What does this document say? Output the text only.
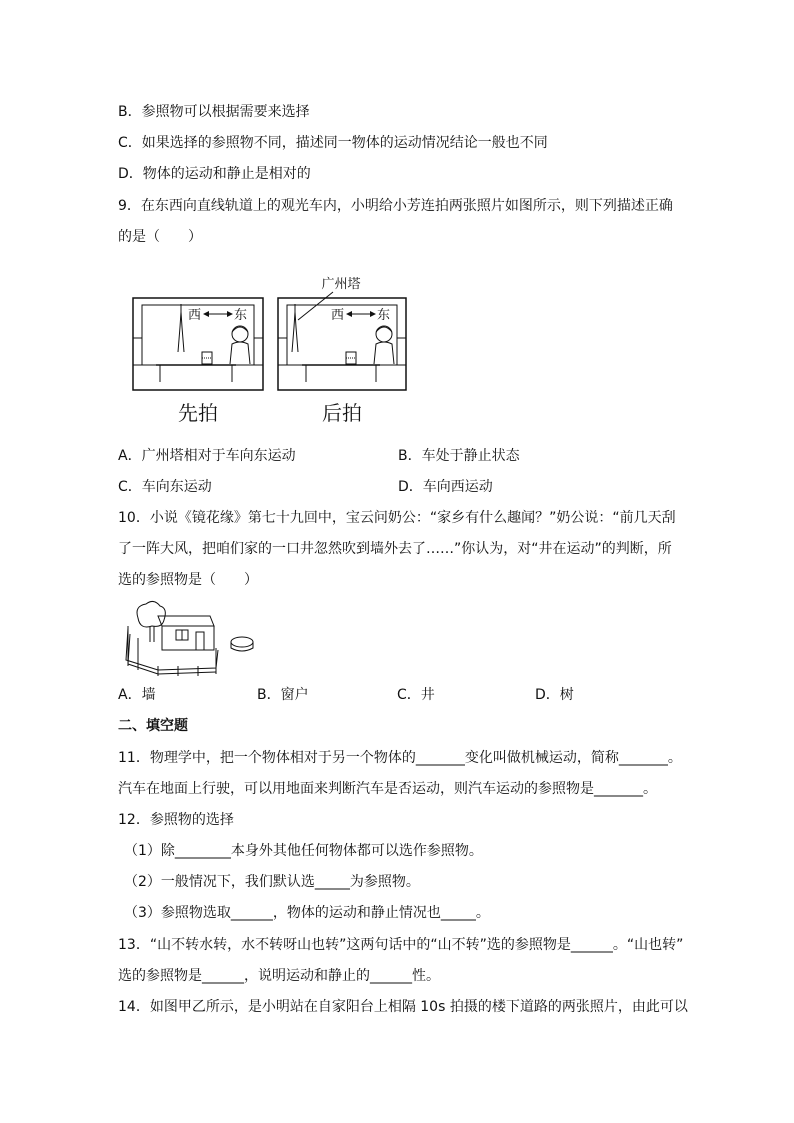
B．参照物可以根据需要来选择
C．如果选择的参照物不同，描述同一物体的运动情况结论一般也不同
D．物体的运动和静止是相对的
9．在东西向直线轨道上的观光车内，小明给小芳连拍两张照片如图所示，则下列描述正确
的是（　　）
西	东
先拍
广州塔
西	东
后拍
A．广州塔相对于车向东运动	B．车处于静止状态
C．车向东运动	D．车向西运动
10．小说《镜花缘》第七十九回中，宝云问奶公：“家乡有什么趣闻？”奶公说：“前几天刮
了一阵大风，把咱们家的一口井忽然吹到墙外去了……”你认为，对“井在运动”的判断，所
选的参照物是（　　）
A．墙	B．窗户	C．井	D．树
二、填空题
11．物理学中，把一个物体相对于另一个物体的_______变化叫做机械运动，简称_______。
汽车在地面上行驶，可以用地面来判断汽车是否运动，则汽车运动的参照物是_______。
12．参照物的选择
（1）除________本身外其他任何物体都可以选作参照物。
（2）一般情况下，我们默认选_____为参照物。
（3）参照物选取______，物体的运动和静止情况也_____。
13．“山不转水转，水不转呀山也转”这两句话中的“山不转”选的参照物是______。“山也转”
选的参照物是______，说明运动和静止的______性。
14．如图甲乙所示，是小明站在自家阳台上相隔 10s 拍摄的楼下道路的两张照片，由此可以
